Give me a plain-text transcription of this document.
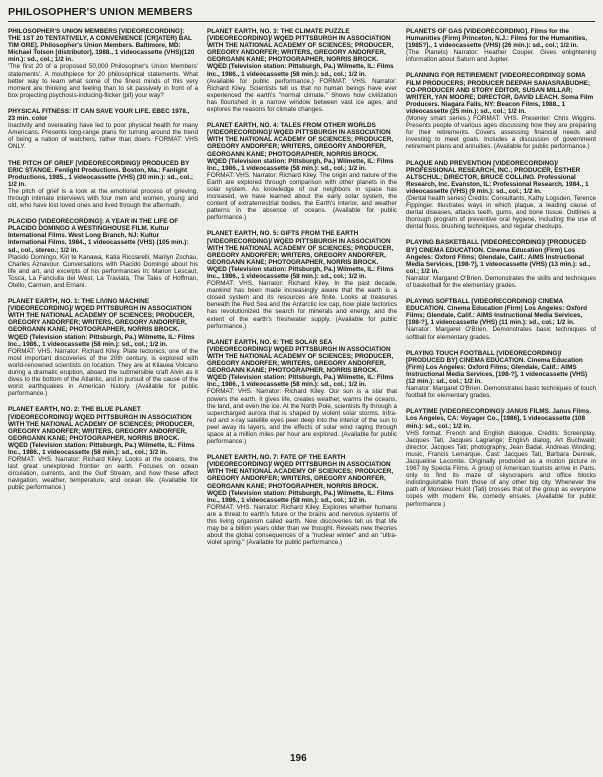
PHILOSOPHER'S UNION MEMBERS
PHILOSOPHER'S UNION MEMBERS [VIDEORECORDING]: THE 1ST 20 TENTATIVELY, A CONVENIENCE [CR]ATER) BAL TIM ORE]. Philosopher's Union Members. Baltimore, MD: Michael Tolson [distributor], 1988., 1 videocassette (VHS)(120 min.): sd., col.; 1/2 in.
'The first 20 of a proposed 50,000 Philosopher's Union Members' statements'. A mouthpiece for 20 philosophical statements. What better way to learn what some of the finest minds of this very moment are thinking and feeling than to sit passively in front of a box projecting psychosis-inducing-flicker (pif) your way?
PHYSICAL FITNESS: IT CAN SAVE YOUR LIFE. EBEC 1978., 23 min. color
Inactivity and overeating have led to poor physical health for many Americans. Presents long-range plans for turning around the trend of being a nation of watchers, rather than doers. FORMAT: VHS ONLY.
THE PITCH OF GRIEF [VIDEORECORDING]/ PRODUCED BY ERIC STANGE. Fenlight Productions. Boston, Ma.: Fanlight Productions, 1985., 1 videocassette (VHS) (30 min.): sd., col.; 1/2 in.
The pitch of grief is a look at the emotional process of grieving, through intimate interviews with four men and women, young and old, who have lost loved ones and lived through the aftermath.
PLACIDO [VIDEORECORDING]: A YEAR IN THE LIFE OF PLACIDO DOMINGO A WESTINGHOUSE FILM. Kultur International Films. West Long Branch, NJ: Kultur International Films, 1984., 1 videocassette (VHS) (105 min.): sd., col., stereo.; 1/2 in.
Placido Domingo, Kiri te Kanawa, Katia Ricciarelli, Marilyn Zschau, Charles Aznavour. Conversations with Placido Domingo about his life and art, and excerpts of his performances in: Manon Lescaut, Tosca, La Fanciulla del West, La Traviata, The Tales of Hoffman, Otello, Carmen, and Ernani.
PLANET EARTH, NO. 1: THE LIVING MACHINE [VIDEORECORDING]/ WQED PITTSBURGH IN ASSOCIATION WITH THE NATIONAL ACADEMY OF SCIENCES; PRODUCER, GREGORY ANDORFER; WRITERS, GREGORY ANDORFER, GEORGANN KANE; PHOTOGRAPHER, NORRIS BROCK. WQED (Television station: Pittsburgh, Pa.) Wilmette, IL: Films Inc., 1986., 1 videocassette (58 min.): sd., col.; 1/2 in.
FORMAT: VHS. Narrator: Richard Kiley. Plate tectonics, one of the most important discoveries of the 20th century, is explored with world-renowned scientists on location. They are at Kilauea Volcano during a dramatic eruption, aboard the submersible craft Alvin as it dives to the bottom of the Atlantic, and in pursuit of the cause of the worst earthquakes in American history. (Available for public performance.)
PLANET EARTH, NO. 2: THE BLUE PLANET [VIDEORECORDING]/ WQED PITTSBURGH IN ASSOCIATION WITH THE NATIONAL ACADEMY OF SCIENCES; PRODUCER, GREGORY ANDORFER; WRITERS, GREGORY ANDORFER, GEORGANN KANE; PHOTOGRAPHER, NORRIS BROCK. WQED (Television station: Pittsburgh, Pa.) Wilmette, IL: Films Inc., 1986., 1 videocassette (58 min.): sd., col.; 1/2 in.
FORMAT: VHS. Narrator: Richard Kiley. Looks at the oceans, the last great unexplored frontier on earth. Focuses on ocean circulation, currents, and the Gulf Stream, and how these affect navigation, weather, temperature, and ocean life. (Available for public performance.)
PLANET EARTH, NO. 3: THE CLIMATE PUZZLE [VIDEORECORDING]/ WQED PITTSBURGH IN ASSOCIATION WITH THE NATIONAL ACADEMY OF SCIENCES; PRODUCER, GREGORY ANDORFER; WRITERS, GREGORY ANDORFER, GEORGANN KANE; PHOTOGRAPHER, NORRIS BROCK. WQED (Television station: Pittsburgh, Pa.) Wilmette, IL: Films Inc., 1986., 1 videocassette (58 min.): sd., col.; 1/2 in.
(Available for public performance.) FORMAT: VHS. Narrator: Richard Kiley. Scientists tell us that no human beings have ever experienced the earth's "normal climate." Shows how civilization has flourished in a narrow window between vast ice ages, and explores the reasons for climate changes.
PLANET EARTH, NO. 4: TALES FROM OTHER WORLDS [VIDEORECORDING]/ WQED PITTSBURGH IN ASSOCIATION WITH THE NATIONAL ACADEMY OF SCIENCES; PRODUCER, GREGORY ANDORFER; WRITERS, GREGORY ANDORFER, GEORGANN KANE; PHOTOGRAPHER, NORRIS BROCK. WQED (Television station: Pittsburgh, Pa.) Wilmette, IL: Films Inc., 1986., 1 videocassette (58 min.): sd., col.; 1/2 in.
FORMAT: VHS. Narrator: Richard Kiley. The origin and nature of the Earth are explored through comparison with other planets in the solar system. As knowledge of our neighbors in space has increased, we have learned about the early solar system, the content of extraterrestrial bodies, the Earth's interior, and weather patterns in the absence of oceans. (Available for public performance.)
PLANET EARTH, NO. 5: GIFTS FROM THE EARTH [VIDEORECORDING]/ WQED PITTSBURGH IN ASSOCIATION WITH THE NATIONAL ACADEMY OF SCIENCES; PRODUCER, GREGORY ANDORFER; WRITERS, GREGORY ANDORFER, GEORGANN KANE; PHOTOGRAPHER, NORRIS BROCK. WQED (Television station: Pittsburgh, Pa.) Wilmette, IL: Films Inc., 1986., 1 videocassette (58 min.): sd., col.; 1/2 in.
FORMAT: VHS. Narrator: Richard Kiley. In the past decade, mankind has been made increasingly aware that the earth is a closed system and its resources are finite. Looks at treasures beneath the Red Sea and the Antarctic ice cap, how plate tectonics has revolutionized the search for minerals and energy, and the extent of the earth's freshwater supply. (Available for public performance.)
PLANET EARTH, NO. 6: THE SOLAR SEA [VIDEORECORDING]/ WQED PITTSBURGH IN ASSOCIATION WITH THE NATIONAL ACADEMY OF SCIENCES; PRODUCER, GREGORY ANDORFER; WRITERS, GREGORY ANDORFER, GEORGANN KANE; PHOTOGRAPHER, NORRIS BROCK. WQED (Television station: Pittsburgh, Pa.) Wilmette, IL: Films Inc., 1986., 1 videocassette (58 min.): sd., col.; 1/2 in.
FORMAT: VHS. Narrator: Richard Kiley. Our sun is a star that powers the earth. It gives life, creates weather, warms the oceans, the land, and even the ice. At the North Pole, scientists fly through a supercharged aurora that is shaped by violent solar storms. Infra-red and x-ray satellite eyes peer deep into the interior of the sun to peel away its layers, and the effects of solar wind raging through space at a million miles per hour are explored. (Available for public performance.)
PLANET EARTH, NO. 7: FATE OF THE EARTH [VIDEORECORDING]/ WQED PITTSBURGH IN ASSOCIATION WITH THE NATIONAL ACADEMY OF SCIENCES; PRODUCER, GREGORY ANDORFER; WRITERS, GREGORY ANDORFER, GEORGANN KANE; PHOTOGRAPHER, NORRIS BROCK. WQED (Television station: Pittsburgh, Pa.) Wilmette, IL: Films Inc., 1986., 1 videocassette (58 min.): sd., col.; 1/2 in.
FORMAT: VHS. Narrator: Richard Kiley. Explores whether humans are a threat to earth's future or the brains and nervous systems of this living organism called earth. New discoveries tell us that life may be a billion years older than we thought. Reveals new theories about the global consequences of a "nuclear winter" and an "ultra-violet spring." (Available for public performance.)
PLANETS OF GAS [VIDEORECORDING]. Films for the Humanities (Firm) Princeton, N.J.: Films for the Humanities, [1985?]., 1 videocassette (VHS) (26 min.): sd., col.; 1/2 in.
(The Planets) Narrator: Heather Couper. Gives enlightening information about Saturn and Jupiter.
PLANNING FOR RETIREMENT [VIDEORECORDING]/ SOMA FILM PRODUCERS; PRODUCER DEEPAH SANASRABUDHE; CO-PRODUCER AND STORY EDITOR, SUSAN MILLAR; WRITER, YAN MOORE; DIRECTOR, DAVID LEACH. Soma Film Producers. Niagara Falls, NY: Beacon Films, 1988., 1 videocassette (25 min.): sd., col.; 1/2 in.
(Money smart series.) FORMAT: VHS. Presenter: Chris Wiggins. Presents people of various ages discussing how they are preparing for their retirements. Covers assessing financial needs and investing to meet goals. Includes a discussion of government retirement plans and annuities. (Available for public performance.)
PLAQUE AND PREVENTION [VIDEORECORDING]/ PROFESSIONAL RESEARCH, INC.; PRODUCER, ESTHER ALTSCHUL; DIRECTOR, BRUCE COLLING. Professional Research, Inc. Evanston, IL: Professional Research, 1984., 1 videocassette (VHS) (9 min.): sd., col.; 1/2 in.
(Dental health series) Credits: Consultants, Kathy Logsden, Terence Fippinger. Illustrates ways in which plaque, a leading cause of dental diseases, attacks teeth, gums, and bone tissue. Outlines a thorough program of preventive oral hygiene, including the use of dental floss, brushing techniques, and regular checkups.
PLAYING BASKETBALL [VIDEORECORDING]/ [PRODUCED BY] CINEMA EDUCATION. Cinema Education (Firm) Los Angeles: Oxford Films; Glendale, Calif.: AIMS Instructional Media Services, [198-?], 1 videocassette (VHS) (13 min.): sd., col.; 1/2 in.
Narrator: Margaret O'Brien. Demonstrates the skills and techniques of basketball for the elementary grades.
PLAYING SOFTBALL [VIDEORECORDING]/ CINEMA EDUCATION. Cinema Education (Firm) Los Angeles: Oxford Films; Glendale, Calif.: AIMS Instructional Media Services, [198-?], 1 videocassette (VHS) (11 min.): sd., col.; 1/2 in.
Narrator: Margaret O'Brien. Demonstrates basic techniques of softball for elementary grades.
PLAYING TOUCH FOOTBALL [VIDEORECORDING]/ [PRODUCED BY] CINEMA EDUCATION. Cinema Education (Firm) Los Angeles: Oxford Films; Glendale, Calif.: AIMS Instructional Media Services, [198-?], 1 videocassette (VHS) (12 min.): sd., col.; 1/2 in.
Narrator: Margaret O'Brien. Demonstrates basic techniques of touch football for elementary grades.
PLAYTIME [VIDEORECORDING]/ JANUS FILMS. Janus Films. Los Angeles, CA: Voyager Co., [1986], 1 videocassette (108 min.): sd., col.; 1/2 in.
VHS format. French and English dialogue. Credits: Screenplay, Jacques Tati, Jacques Lagrange; English dialog, Art Buchwald; director, Jacques Tati; photography, Jean Badal, Andreas Winding; music, Francis Lemarque. Cast: Jacques Tati, Barbara Dennek, Jacqueline Lecomte. Originally produced as a motion picture in 1967 by Specta Films. A group of American tourists arrive in Paris, only to find its maze of skyscrapers and office blocks indistinguishable from those of any other big city. Whenever the path of Monsieur Hulot (Tati) crosses that of the group as everyone copes with modern life, comedy ensues. (Available for public performance.)
196
